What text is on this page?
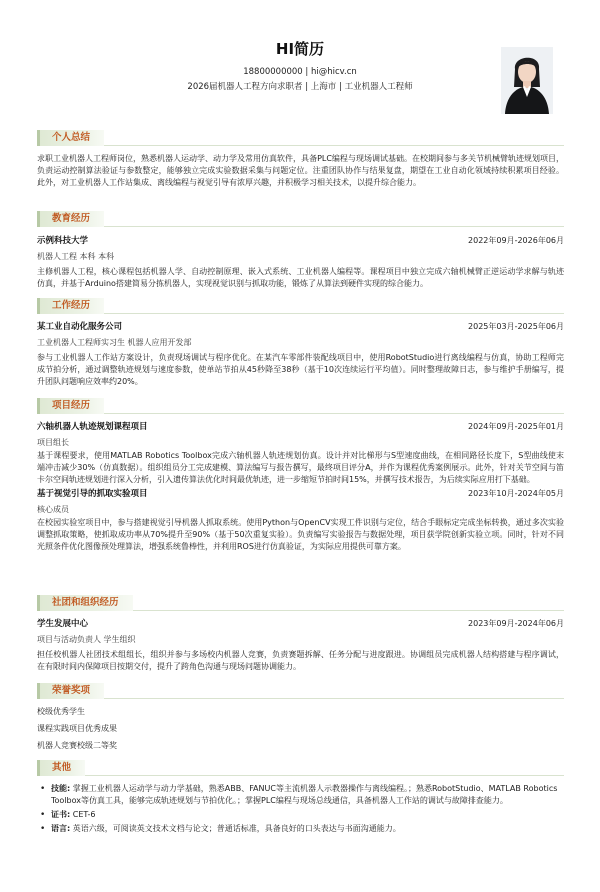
HI简历
18800000000 | hi@hicv.cn
2026届机器人工程方向求职者 | 上海市 | 工业机器人工程师
个人总结
求职工业机器人工程师岗位，熟悉机器人运动学、动力学及常用仿真软件，具备PLC编程与现场调试基础。在校期间参与多关节机械臂轨迹规划项目，负责运动控制算法验证与参数整定，能够独立完成实验数据采集与问题定位。注重团队协作与结果复盘，期望在工业自动化领域持续积累项目经验。此外，对工业机器人工作站集成、离线编程与视觉引导有浓厚兴趣，并积极学习相关技术，以提升综合能力。
教育经历
示例科技大学	2022年09月-2026年06月
机器人工程 本科 本科
主修机器人工程，核心课程包括机器人学、自动控制原理、嵌入式系统、工业机器人编程等。课程项目中独立完成六轴机械臂正逆运动学求解与轨迹仿真，并基于Arduino搭建简易分拣机器人，实现视觉识别与抓取功能，锻炼了从算法到硬件实现的综合能力。
工作经历
某工业自动化服务公司	2025年03月-2025年06月
工业机器人工程师实习生 机器人应用开发部
参与工业机器人工作站方案设计，负责现场调试与程序优化。在某汽车零部件装配线项目中，使用RobotStudio进行离线编程与仿真，协助工程师完成节拍分析，通过调整轨迹规划与速度参数，使单站节拍从45秒降至38秒（基于10次连续运行平均值）。同时整理故障日志，参与维护手册编写，提升团队问题响应效率约20%。
项目经历
六轴机器人轨迹规划课程项目	2024年09月-2025年01月
项目组长
基于课程要求，使用MATLAB Robotics Toolbox完成六轴机器人轨迹规划仿真。设计并对比梯形与S型速度曲线，在相同路径长度下，S型曲线使末端冲击减少30%（仿真数据）。组织组员分工完成建模、算法编写与报告撰写，最终项目评分A，并作为课程优秀案例展示。此外，针对关节空间与笛卡尔空间轨迹规划进行深入分析，引入遗传算法优化时间最优轨迹，进一步缩短节拍时间15%，并撰写技术报告，为后续实际应用打下基础。
基于视觉引导的抓取实验项目	2023年10月-2024年05月
核心成员
在校园实验室项目中，参与搭建视觉引导机器人抓取系统。使用Python与OpenCV实现工件识别与定位，结合手眼标定完成坐标转换，通过多次实验调整抓取策略，使抓取成功率从70%提升至90%（基于50次重复实验）。负责编写实验报告与数据处理，项目获学院创新实验立项。同时，针对不同光照条件优化图像预处理算法，增强系统鲁棒性，并利用ROS进行仿真验证，为实际应用提供可靠方案。
社团和组织经历
学生发展中心	2023年09月-2024年06月
项目与活动负责人 学生组织
担任校机器人社团技术组组长，组织并参与多场校内机器人竞赛，负责赛题拆解、任务分配与进度跟进。协调组员完成机器人结构搭建与程序调试，在有限时间内保障项目按期交付，提升了跨角色沟通与现场问题协调能力。
荣誉奖项
校级优秀学生
课程实践项目优秀成果
机器人竞赛校级二等奖
其他
• 技能: 掌握工业机器人运动学与动力学基础，熟悉ABB、FANUC等主流机器人示教器操作与离线编程。；熟悉RobotStudio、MATLAB Robotics Toolbox等仿真工具，能够完成轨迹规划与节拍优化。；掌握PLC编程与现场总线通信，具备机器人工作站的调试与故障排查能力。
• 证书: CET-6
• 语言: 英语六级，可阅读英文技术文档与论文；普通话标准，具备良好的口头表达与书面沟通能力。
